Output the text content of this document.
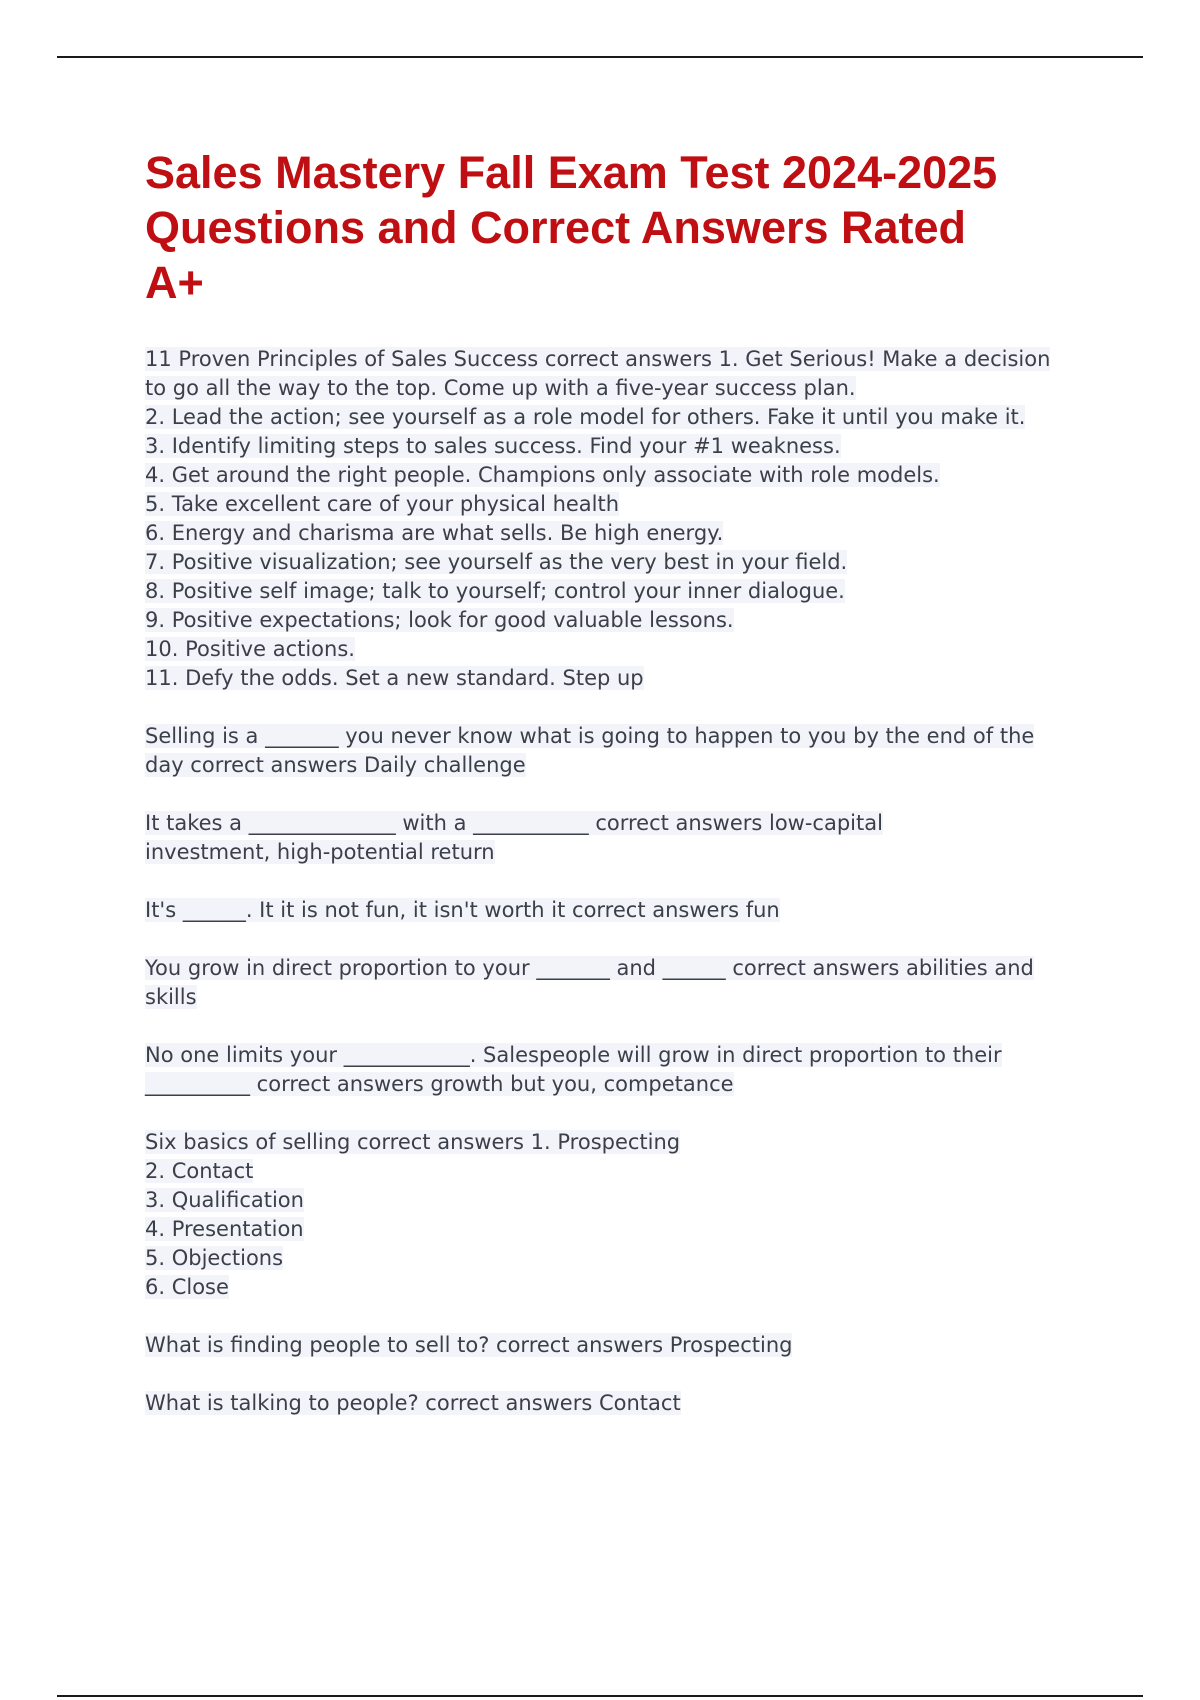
Sales Mastery Fall Exam Test 2024-2025
Questions and Correct Answers Rated
A+
11 Proven Principles of Sales Success correct answers 1. Get Serious! Make a decision
to go all the way to the top. Come up with a five-year success plan.
2. Lead the action; see yourself as a role model for others. Fake it until you make it.
3. Identify limiting steps to sales success. Find your #1 weakness.
4. Get around the right people. Champions only associate with role models.
5. Take excellent care of your physical health
6. Energy and charisma are what sells. Be high energy.
7. Positive visualization; see yourself as the very best in your field.
8. Positive self image; talk to yourself; control your inner dialogue.
9. Positive expectations; look for good valuable lessons.
10. Positive actions.
11. Defy the odds. Set a new standard. Step up
Selling is a _______ you never know what is going to happen to you by the end of the
day correct answers Daily challenge
It takes a ______________ with a ___________ correct answers low-capital
investment, high-potential return
It's ______. It it is not fun, it isn't worth it correct answers fun
You grow in direct proportion to your _______ and ______ correct answers abilities and
skills
No one limits your ____________. Salespeople will grow in direct proportion to their
__________ correct answers growth but you, competance
Six basics of selling correct answers 1. Prospecting
2. Contact
3. Qualification
4. Presentation
5. Objections
6. Close
What is finding people to sell to? correct answers Prospecting
What is talking to people? correct answers Contact
